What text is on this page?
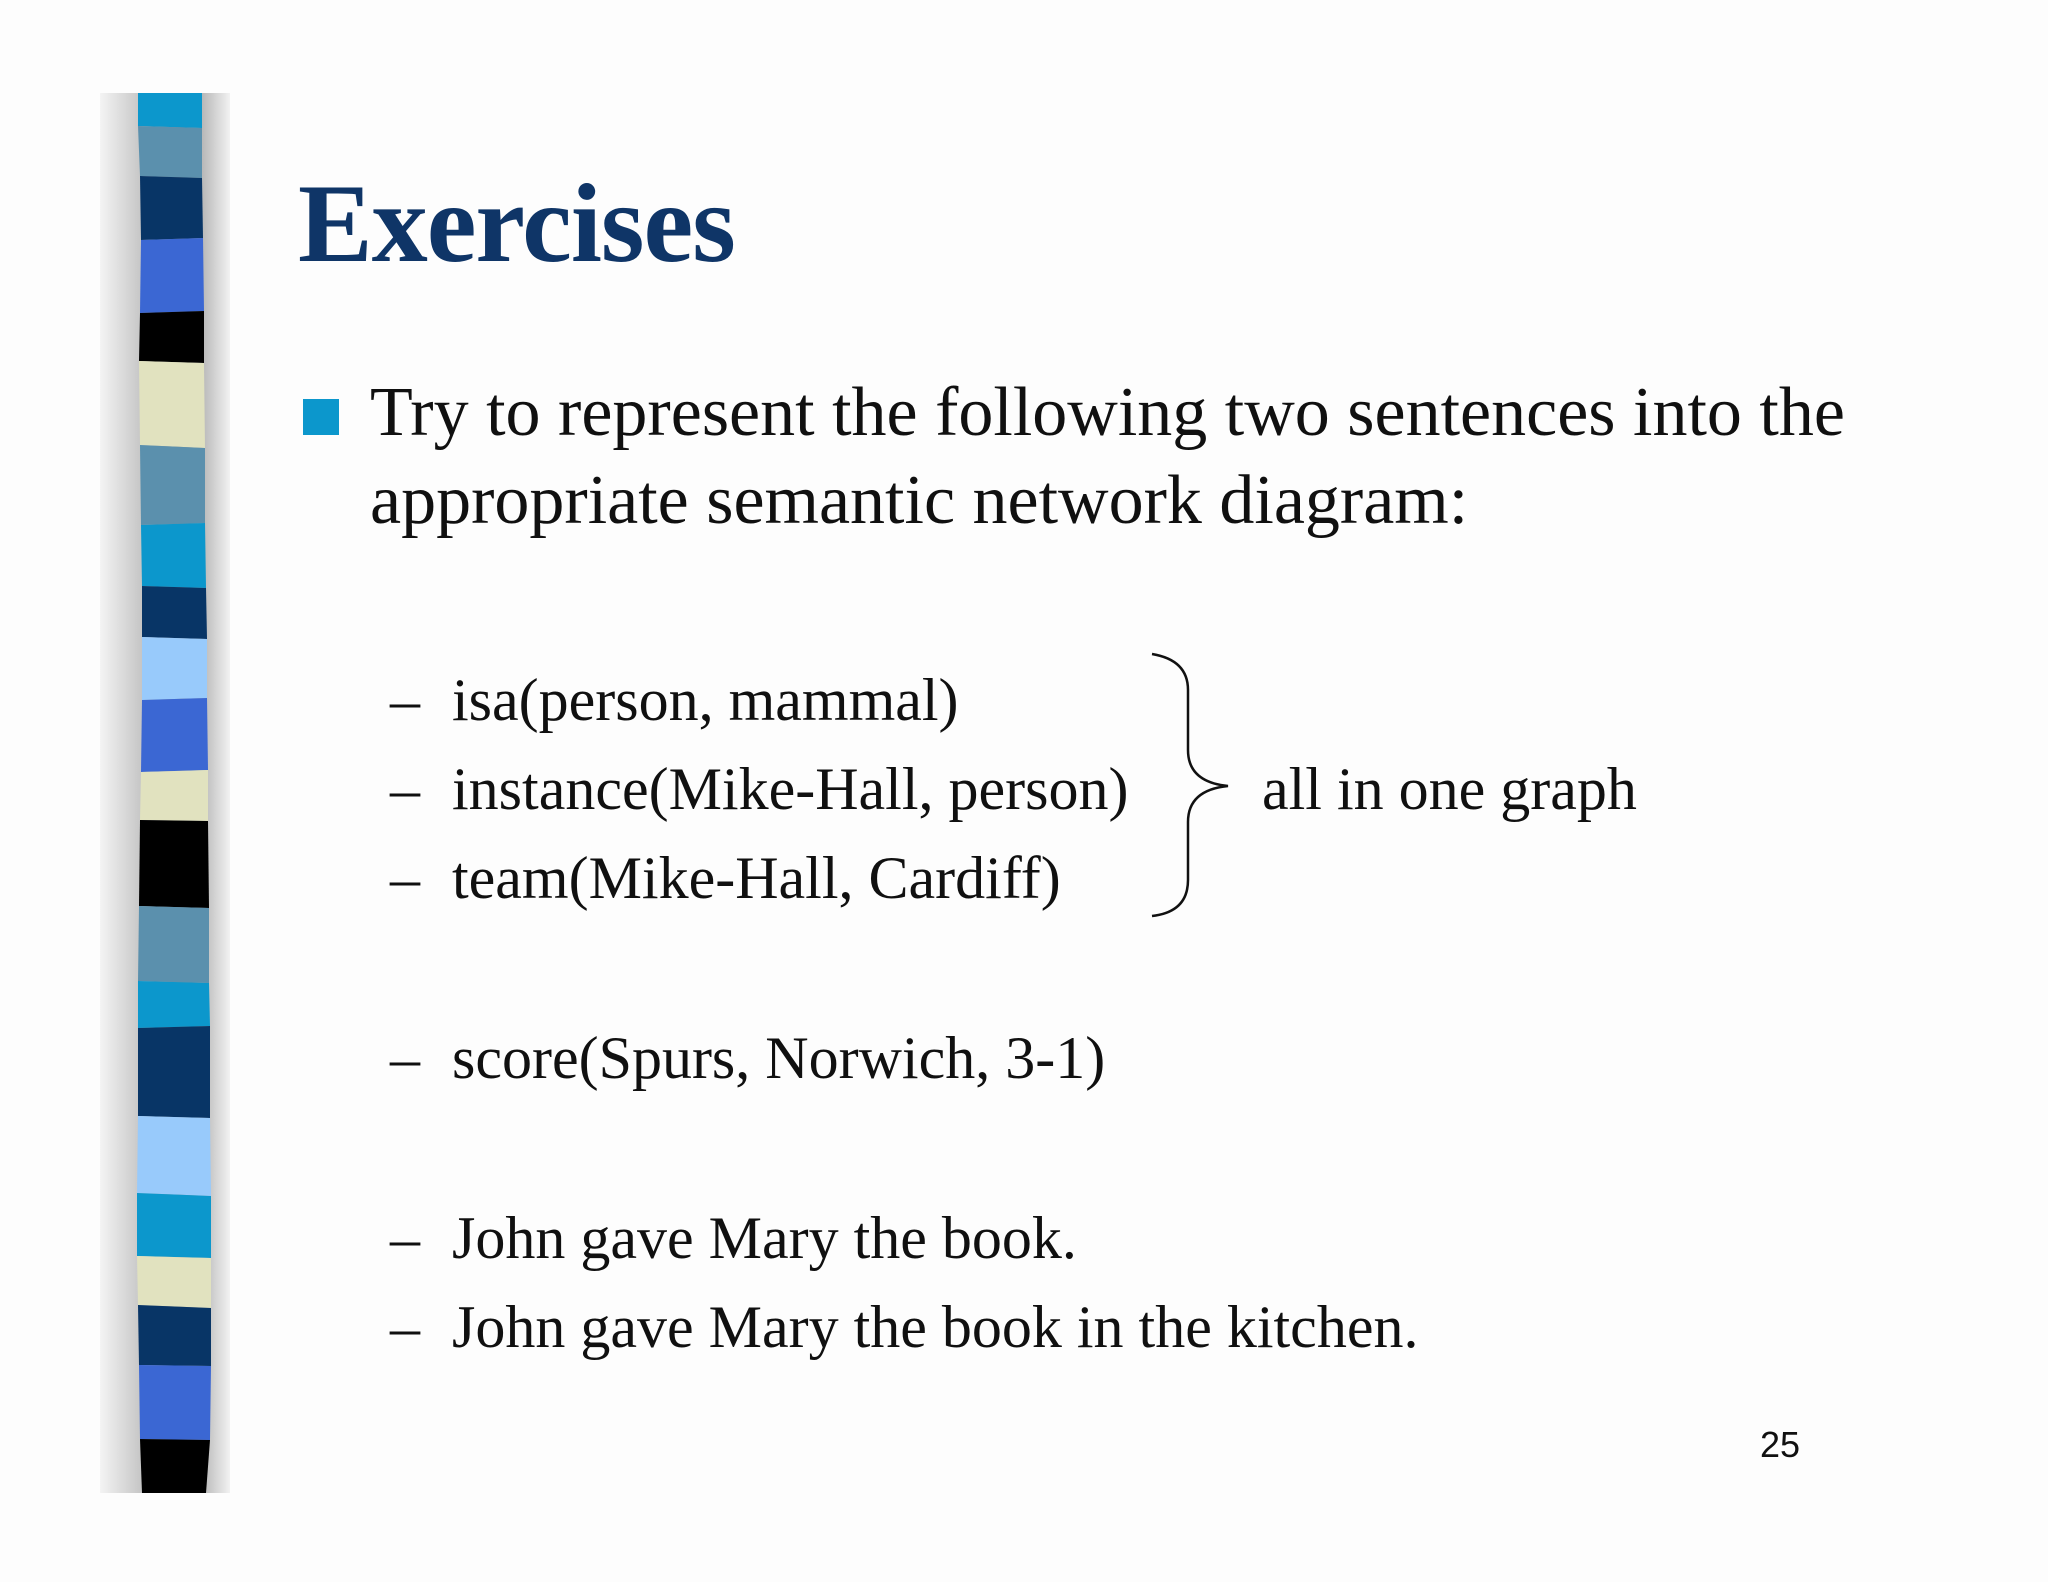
Exercises
Try to represent the following two sentences into the
appropriate semantic network diagram:
– isa(person, mammal)
– instance(Mike-Hall, person)
– team(Mike-Hall, Cardiff)
all in one graph
– score(Spurs, Norwich, 3-1)
– John gave Mary the book.
– John gave Mary the book in the kitchen.
25
